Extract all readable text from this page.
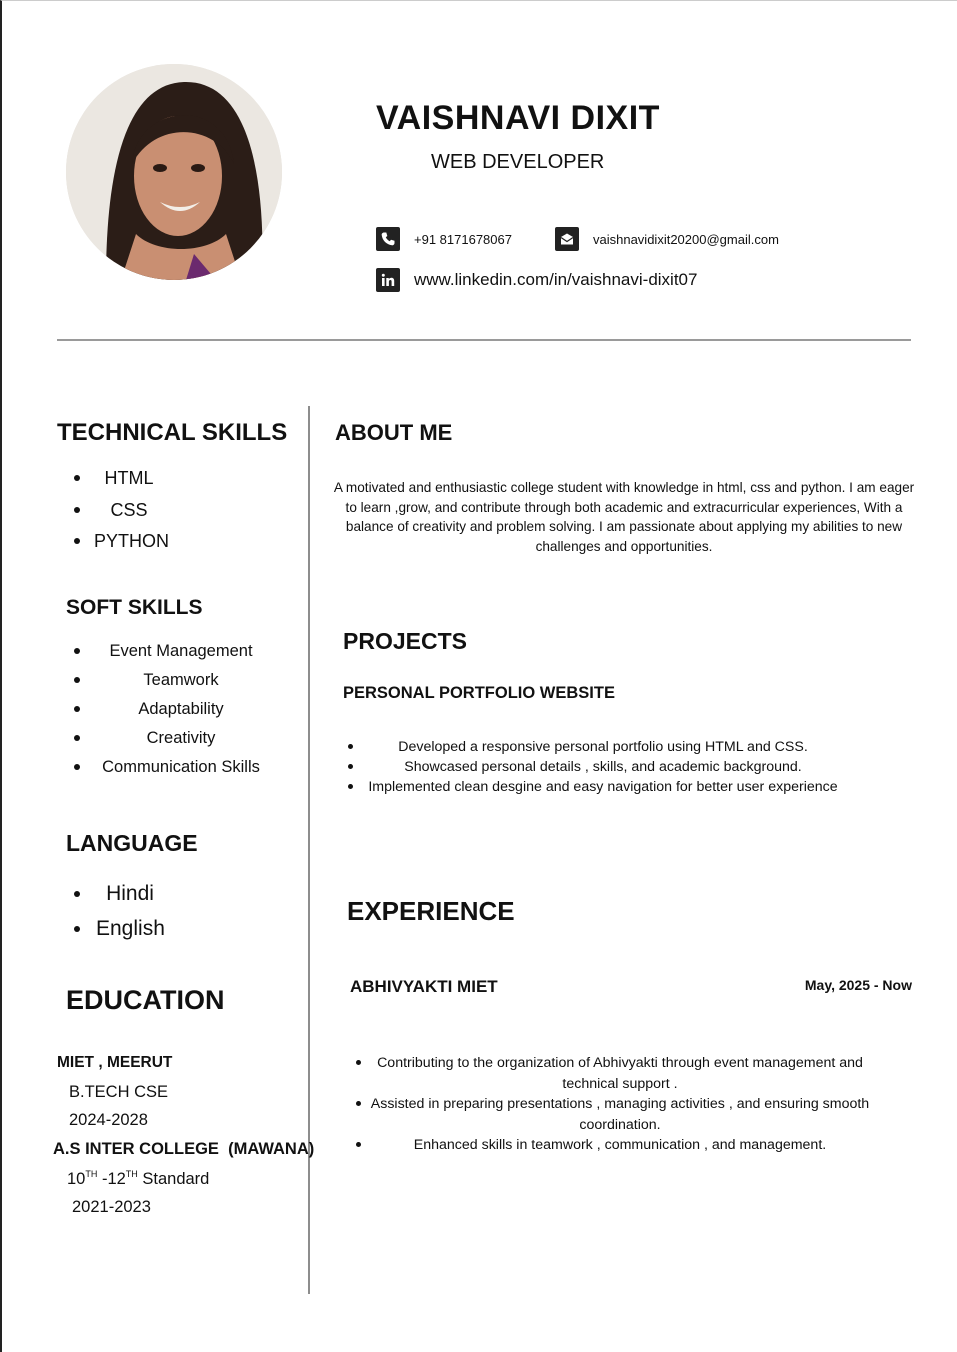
VAISHNAVI DIXIT
WEB DEVELOPER
+91 8171678067	vaishnavidixit20200@gmail.com
www.linkedin.com/in/vaishnavi-dixit07
TECHNICAL SKILLS
HTML
CSS
PYTHON
SOFT SKILLS
Event Management
Teamwork
Adaptability
Creativity
Communication Skills
LANGUAGE
Hindi
English
EDUCATION
MIET , MEERUT
B.TECH CSE
2024-2028
A.S INTER COLLEGE  (MAWANA)
10TH -12TH Standard
2021-2023
ABOUT ME

A motivated and enthusiastic college student with knowledge in html, css and python. I am eager to learn ,grow, and contribute through both academic and extracurricular experiences, With a balance of creativity and problem solving. I am passionate about applying my abilities to new challenges and opportunities.

PROJECTS
PERSONAL PORTFOLIO WEBSITE
Developed a responsive personal portfolio using HTML and CSS.
Showcased personal details , skills, and academic background.
Implemented clean desgine and easy navigation for better user experience
EXPERIENCE
ABHIVYAKTI MIET	May, 2025 - Now
Contributing to the organization of Abhivyakti through event management and technical support .
Assisted in preparing presentations , managing activities , and ensuring smooth coordination.
Enhanced skills in teamwork , communication , and management.
